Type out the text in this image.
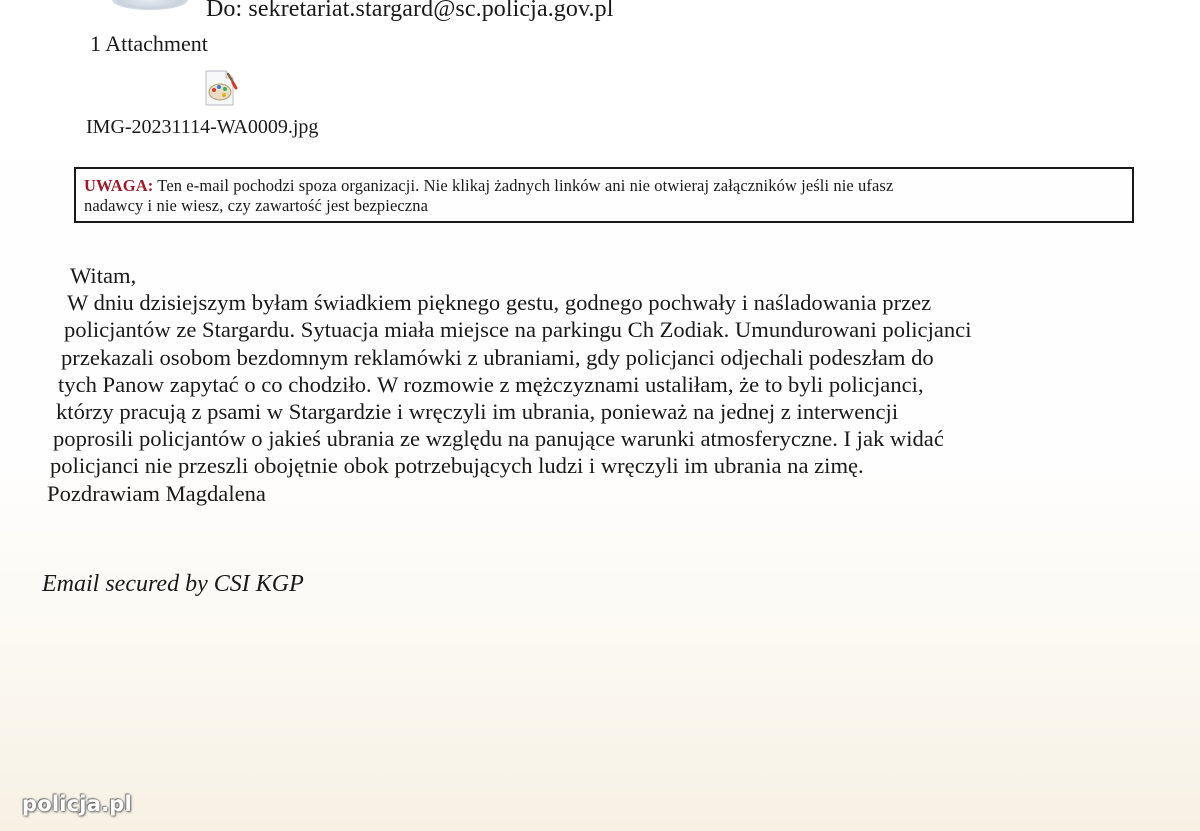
Do: sekretariat.stargard@sc.policja.gov.pl
1 Attachment
IMG-20231114-WA0009.jpg
UWAGA: Ten e-mail pochodzi spoza organizacji. Nie klikaj żadnych linków ani nie otwieraj załączników jeśli nie ufasz
nadawcy i nie wiesz, czy zawartość jest bezpieczna
Witam,
W dniu dzisiejszym byłam świadkiem pięknego gestu, godnego pochwały i naśladowania przez
policjantów ze Stargardu. Sytuacja miała miejsce na parkingu Ch Zodiak. Umundurowani policjanci
przekazali osobom bezdomnym reklamówki z ubraniami, gdy policjanci odjechali podeszłam do
tych Panow zapytać o co chodziło. W rozmowie z mężczyznami ustaliłam, że to byli policjanci,
którzy pracują z psami w Stargardzie i wręczyli im ubrania, ponieważ na jednej z interwencji
poprosili policjantów o jakieś ubrania ze względu na panujące warunki atmosferyczne. I jak widać
policjanci nie przeszli obojętnie obok potrzebujących ludzi i wręczyli im ubrania na zimę.
Pozdrawiam Magdalena
Email secured by CSI KGP
policja.pl
